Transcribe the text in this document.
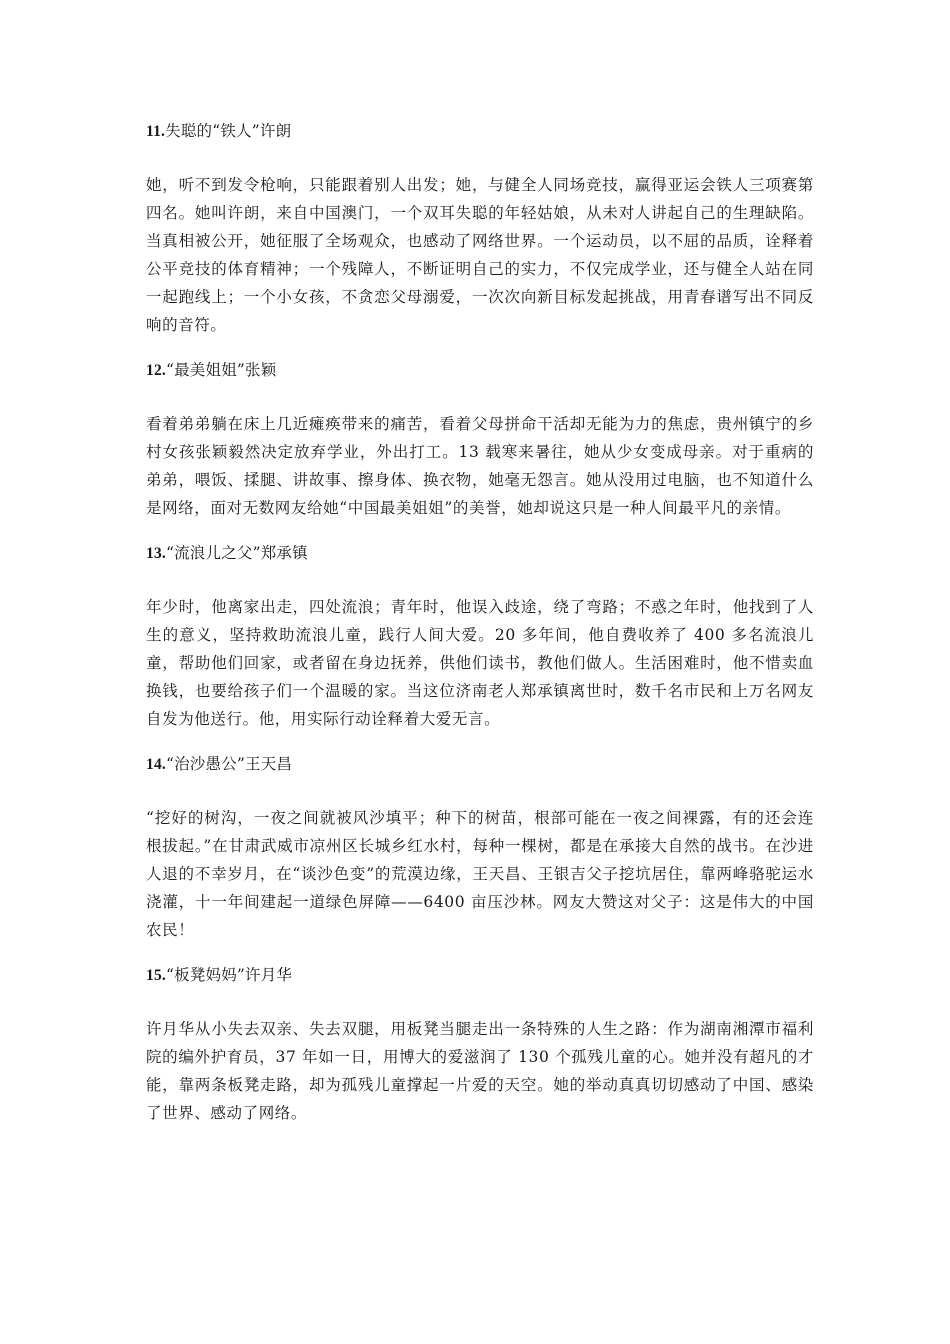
11.失聪的“铁人”许朗

她，听不到发令枪响，只能跟着别人出发；她，与健全人同场竞技，赢得亚运会铁人三项赛第四名。她叫许朗，来自中国澳门，一个双耳失聪的年轻姑娘，从未对人讲起自己的生理缺陷。当真相被公开，她征服了全场观众，也感动了网络世界。一个运动员，以不屈的品质，诠释着公平竞技的体育精神；一个残障人，不断证明自己的实力，不仅完成学业，还与健全人站在同一起跑线上；一个小女孩，不贪恋父母溺爱，一次次向新目标发起挑战，用青春谱写出不同反响的音符。

12.“最美姐姐”张颖

看着弟弟躺在床上几近瘫痪带来的痛苦，看着父母拼命干活却无能为力的焦虑，贵州镇宁的乡村女孩张颖毅然决定放弃学业，外出打工。13 载寒来暑往，她从少女变成母亲。对于重病的弟弟，喂饭、揉腿、讲故事、擦身体、换衣物，她毫无怨言。她从没用过电脑，也不知道什么是网络，面对无数网友给她“中国最美姐姐”的美誉，她却说这只是一种人间最平凡的亲情。

13.“流浪儿之父”郑承镇

年少时，他离家出走，四处流浪；青年时，他误入歧途，绕了弯路；不惑之年时，他找到了人生的意义，坚持救助流浪儿童，践行人间大爱。20 多年间，他自费收养了 400 多名流浪儿童，帮助他们回家，或者留在身边抚养，供他们读书，教他们做人。生活困难时，他不惜卖血换钱，也要给孩子们一个温暖的家。当这位济南老人郑承镇离世时，数千名市民和上万名网友自发为他送行。他，用实际行动诠释着大爱无言。

14.“治沙愚公”王天昌

“挖好的树沟，一夜之间就被风沙填平；种下的树苗，根部可能在一夜之间裸露，有的还会连根拔起。”在甘肃武威市凉州区长城乡红水村，每种一棵树，都是在承接大自然的战书。在沙进人退的不幸岁月，在“谈沙色变”的荒漠边缘，王天昌、王银吉父子挖坑居住，靠两峰骆驼运水浇灌，十一年间建起一道绿色屏障——6400 亩压沙林。网友大赞这对父子：这是伟大的中国农民！

15.“板凳妈妈”许月华

许月华从小失去双亲、失去双腿，用板凳当腿走出一条特殊的人生之路：作为湖南湘潭市福利院的编外护育员，37 年如一日，用博大的爱滋润了 130 个孤残儿童的心。她并没有超凡的才能，靠两条板凳走路，却为孤残儿童撑起一片爱的天空。她的举动真真切切感动了中国、感染了世界、感动了网络。
